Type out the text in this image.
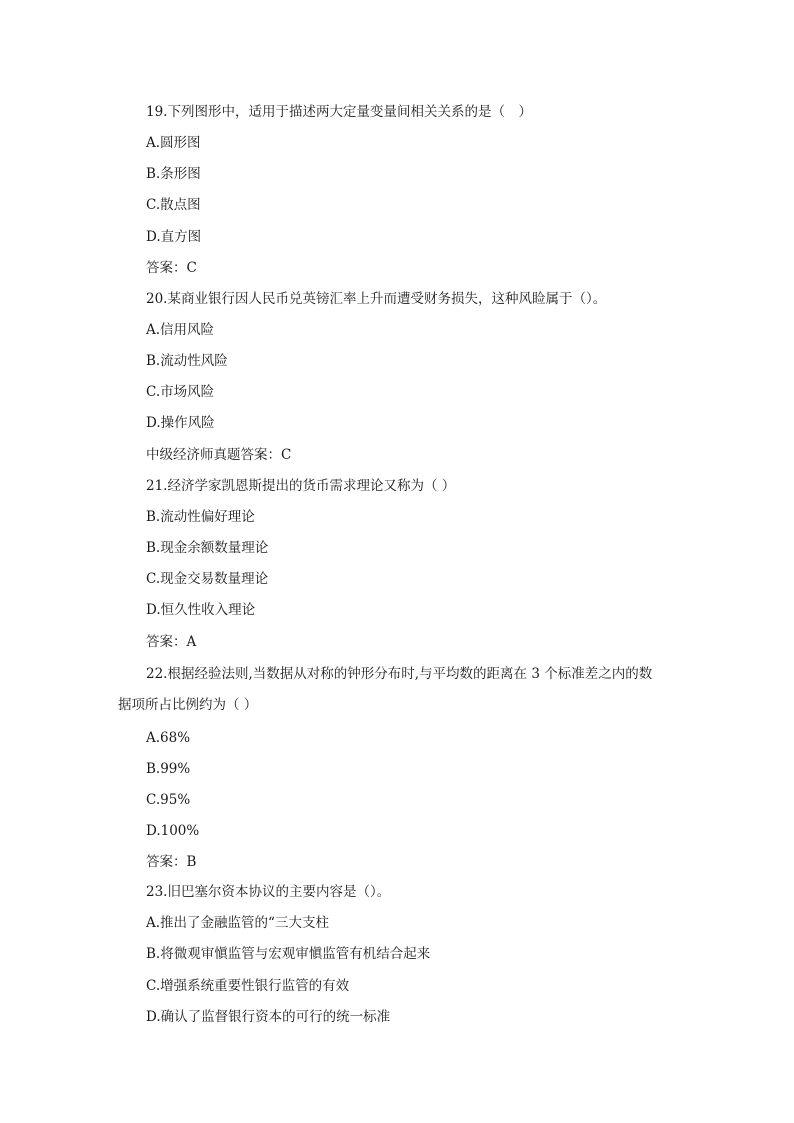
19.下列图形中，适用于描述两大定量变量间相关关系的是（　）
A.圆形图
B.条形图
C.散点图
D.直方图
答案：C
20.某商业银行因人民币兑英镑汇率上升而遭受财务损失，这种风睑属于（）。
A.信用风险
B.流动性风险
C.市场风险
D.操作风险
中级经济师真题答案：C
21.经济学家凯恩斯提出的货币需求理论又称为（ ）
B.流动性偏好理论
B.现金余额数量理论
C.现金交易数量理论
D.恒久性收入理论
答案：A
22.根据经验法则,当数据从对称的钟形分布时,与平均数的距离在 3 个标准差之内的数
据项所占比例约为（ ）
A.68%
B.99%
C.95%
D.100%
答案：B
23.旧巴塞尔资本协议的主要内容是（）。
A.推出了金融监管的“三大支柱
B.将微观审愼监管与宏观审愼监管有机结合起来
C.增强系统重要性银行监管的有效
D.确认了监督银行资本的可行的统一标准
